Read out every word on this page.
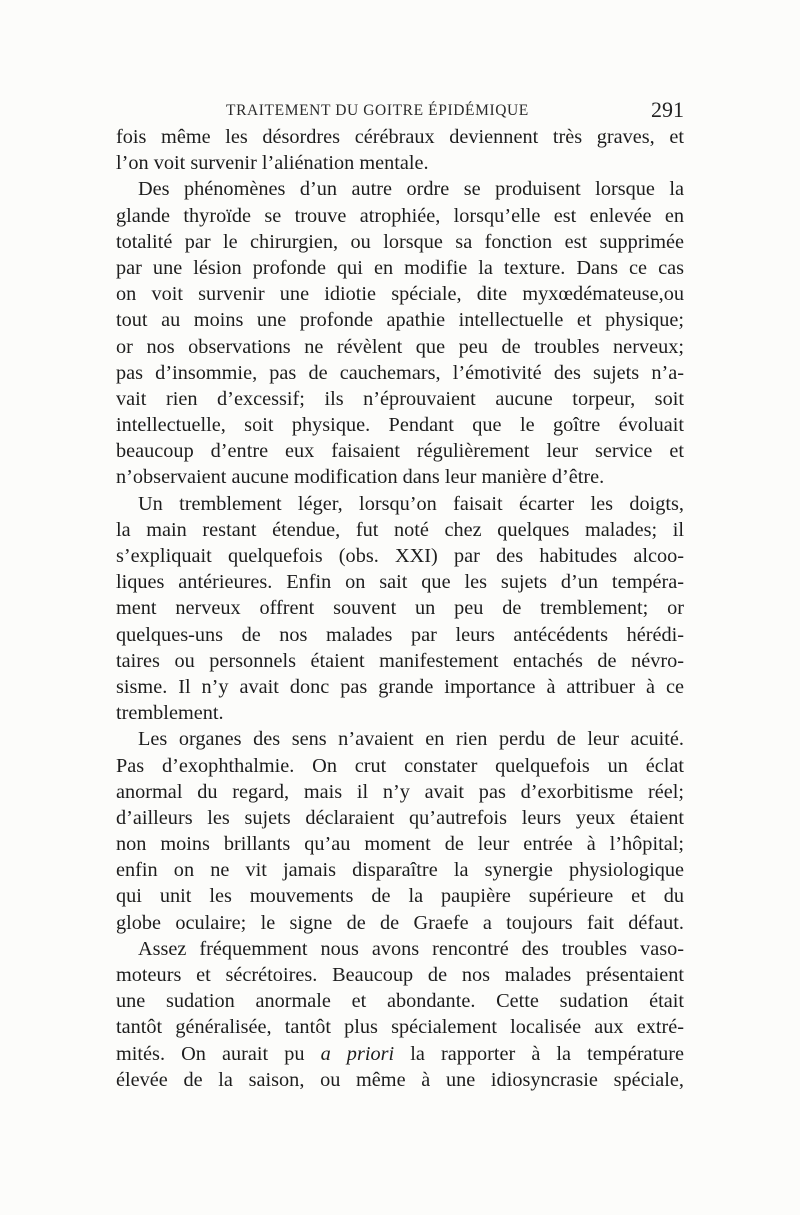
TRAITEMENT DU GOITRE ÉPIDÉMIQUE	291
fois même les désordres cérébraux deviennent très graves, et
l’on voit survenir l’aliénation mentale.
Des phénomènes d’un autre ordre se produisent lorsque la
glande thyroïde se trouve atrophiée, lorsqu’elle est enlevée en
totalité par le chirurgien, ou lorsque sa fonction est supprimée
par une lésion profonde qui en modifie la texture. Dans ce cas
on voit survenir une idiotie spéciale, dite myxœdémateuse,ou
tout au moins une profonde apathie intellectuelle et physique;
or nos observations ne révèlent que peu de troubles nerveux;
pas d’insommie, pas de cauchemars, l’émotivité des sujets n’a-
vait rien d’excessif; ils n’éprouvaient aucune torpeur, soit
intellectuelle, soit physique. Pendant que le goître évoluait
beaucoup d’entre eux faisaient régulièrement leur service et
n’observaient aucune modification dans leur manière d’être.
Un tremblement léger, lorsqu’on faisait écarter les doigts,
la main restant étendue, fut noté chez quelques malades; il
s’expliquait quelquefois (obs. XXI) par des habitudes alcoo-
liques antérieures. Enfin on sait que les sujets d’un tempéra-
ment nerveux offrent souvent un peu de tremblement; or
quelques-uns de nos malades par leurs antécédents hérédi-
taires ou personnels étaient manifestement entachés de névro-
sisme. Il n’y avait donc pas grande importance à attribuer à ce
tremblement.
Les organes des sens n’avaient en rien perdu de leur acuité.
Pas d’exophthalmie. On crut constater quelquefois un éclat
anormal du regard, mais il n’y avait pas d’exorbitisme réel;
d’ailleurs les sujets déclaraient qu’autrefois leurs yeux étaient
non moins brillants qu’au moment de leur entrée à l’hôpital;
enfin on ne vit jamais disparaître la synergie physiologique
qui unit les mouvements de la paupière supérieure et du
globe oculaire; le signe de de Graefe a toujours fait défaut.
Assez fréquemment nous avons rencontré des troubles vaso-
moteurs et sécrétoires. Beaucoup de nos malades présentaient
une sudation anormale et abondante. Cette sudation était
tantôt généralisée, tantôt plus spécialement localisée aux extré-
mités. On aurait pu a priori la rapporter à la température
élevée de la saison, ou même à une idiosyncrasie spéciale,
